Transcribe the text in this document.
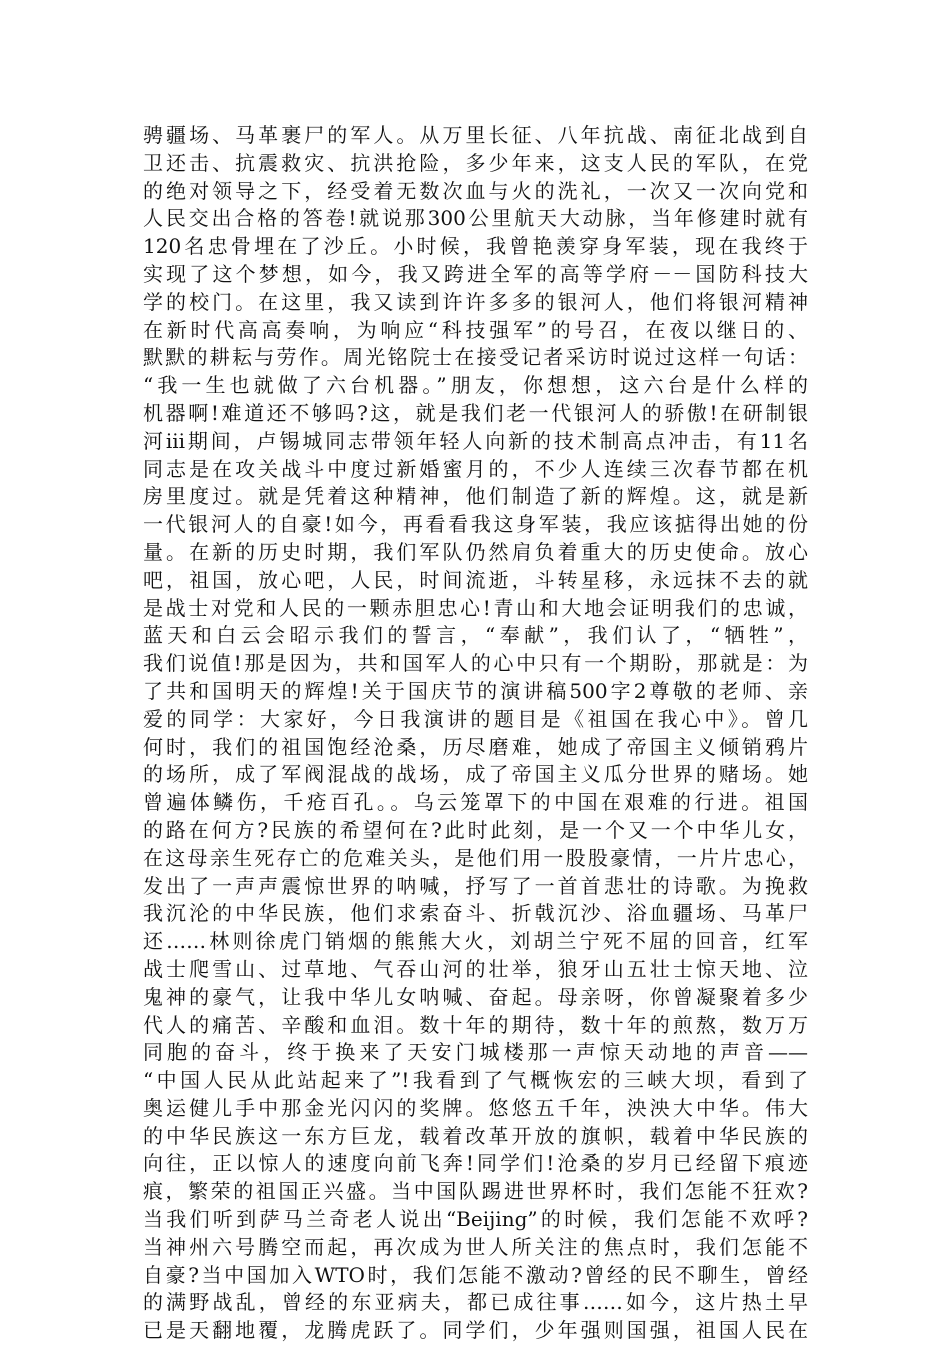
骋疆场、马革裹尸的军人。从万里长征、八年抗战、南征北战到自
卫还击、抗震救灾、抗洪抢险，多少年来，这支人民的军队，在党
的绝对领导之下，经受着无数次血与火的洗礼，一次又一次向党和
人民交出合格的答卷!就说那300公里航天大动脉，当年修建时就有
120名忠骨埋在了沙丘。小时候，我曾艳羡穿身军装，现在我终于
实现了这个梦想，如今，我又跨进全军的高等学府－－国防科技大
学的校门。在这里，我又读到许许多多的银河人，他们将银河精神
在新时代高高奏响，为响应“科技强军”的号召，在夜以继日的、
默默的耕耘与劳作。周光铭院士在接受记者采访时说过这样一句话：
“我一生也就做了六台机器。”朋友，你想想，这六台是什么样的
机器啊!难道还不够吗?这，就是我们老一代银河人的骄傲!在研制银
河iii期间，卢锡城同志带领年轻人向新的技术制高点冲击，有11名
同志是在攻关战斗中度过新婚蜜月的，不少人连续三次春节都在机
房里度过。就是凭着这种精神，他们制造了新的辉煌。这，就是新
一代银河人的自豪!如今，再看看我这身军装，我应该掂得出她的份
量。在新的历史时期，我们军队仍然肩负着重大的历史使命。放心
吧，祖国，放心吧，人民，时间流逝，斗转星移，永远抹不去的就
是战士对党和人民的一颗赤胆忠心!青山和大地会证明我们的忠诚，
蓝天和白云会昭示我们的誓言，“奉献”，我们认了，“牺牲”，
我们说值!那是因为，共和国军人的心中只有一个期盼，那就是：为
了共和国明天的辉煌!关于国庆节的演讲稿500字2尊敬的老师、亲
爱的同学：大家好，今日我演讲的题目是《祖国在我心中》。曾几
何时，我们的祖国饱经沧桑，历尽磨难，她成了帝国主义倾销鸦片
的场所，成了军阀混战的战场，成了帝国主义瓜分世界的赌场。她
曾遍体鳞伤，千疮百孔。。乌云笼罩下的中国在艰难的行进。祖国
的路在何方?民族的希望何在?此时此刻，是一个又一个中华儿女，
在这母亲生死存亡的危难关头，是他们用一股股豪情，一片片忠心，
发出了一声声震惊世界的呐喊，抒写了一首首悲壮的诗歌。为挽救
我沉沦的中华民族，他们求索奋斗、折戟沉沙、浴血疆场、马革尸
还……林则徐虎门销烟的熊熊大火，刘胡兰宁死不屈的回音，红军
战士爬雪山、过草地、气吞山河的壮举，狼牙山五壮士惊天地、泣
鬼神的豪气，让我中华儿女呐喊、奋起。母亲呀，你曾凝聚着多少
代人的痛苦、辛酸和血泪。数十年的期待，数十年的煎熬，数万万
同胞的奋斗，终于换来了天安门城楼那一声惊天动地的声音——
“中国人民从此站起来了”!我看到了气概恢宏的三峡大坝，看到了
奥运健儿手中那金光闪闪的奖牌。悠悠五千年，泱泱大中华。伟大
的中华民族这一东方巨龙，载着改革开放的旗帜，载着中华民族的
向往，正以惊人的速度向前飞奔!同学们!沧桑的岁月已经留下痕迹
痕，繁荣的祖国正兴盛。当中国队踢进世界杯时，我们怎能不狂欢?
当我们听到萨马兰奇老人说出“Beijing”的时候，我们怎能不欢呼?
当神州六号腾空而起，再次成为世人所关注的焦点时，我们怎能不
自豪?当中国加入WTO时，我们怎能不激动?曾经的民不聊生，曾经
的满野战乱，曾经的东亚病夫，都已成往事……如今，这片热土早
已是天翻地覆，龙腾虎跃了。同学们，少年强则国强，祖国人民在
